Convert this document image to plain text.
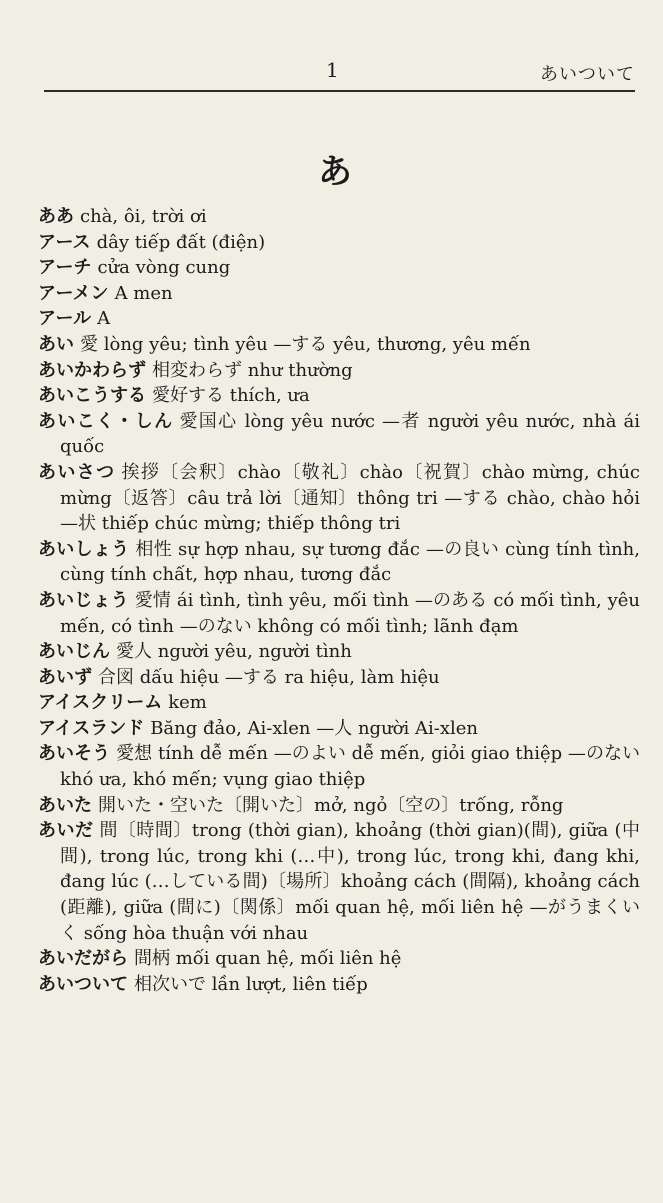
1	あいついて
あ
ああ chà, ôi, trời ơi
アース dây tiếp đất (điện)
アーチ cửa vòng cung
アーメン A men
アール A
あい 愛 lòng yêu; tình yêu —する yêu, thương, yêu mến
あいかわらず 相変わらず như thường
あいこうする 愛好する thích, ưa
あいこく・しん 愛国心 lòng yêu nước —者 người yêu nước, nhà ái quốc
あいさつ 挨拶〔会釈〕chào〔敬礼〕chào〔祝賀〕chào mừng, chúc mừng〔返答〕câu trả lời〔通知〕thông tri —する chào, chào hỏi —状 thiếp chúc mừng; thiếp thông tri
あいしょう 相性 sự hợp nhau, sự tương đắc —の良い cùng tính tình, cùng tính chất, hợp nhau, tương đắc
あいじょう 愛情 ái tình, tình yêu, mối tình —のある có mối tình, yêu mến, có tình —のない không có mối tình; lãnh đạm
あいじん 愛人 người yêu, người tình
あいず 合図 dấu hiệu —する ra hiệu, làm hiệu
アイスクリーム kem
アイスランド Băng đảo, Ai-xlen —人 người Ai-xlen
あいそう 愛想 tính dễ mến —のよい dễ mến, giỏi giao thiệp —のない khó ưa, khó mến; vụng giao thiệp
あいた 開いた・空いた〔開いた〕mở, ngỏ〔空の〕trống, rỗng
あいだ 間〔時間〕trong (thời gian), khoảng (thời gian)(間), giữa (中間), trong lúc, trong khi (…中), trong lúc, trong khi, đang khi, đang lúc (…している間)〔場所〕khoảng cách (間隔), khoảng cách (距離), giữa (間に)〔関係〕mối quan hệ, mối liên hệ —がうまくいく sống hòa thuận với nhau
あいだがら 間柄 mối quan hệ, mối liên hệ
あいついて 相次いで lần lượt, liên tiếp
